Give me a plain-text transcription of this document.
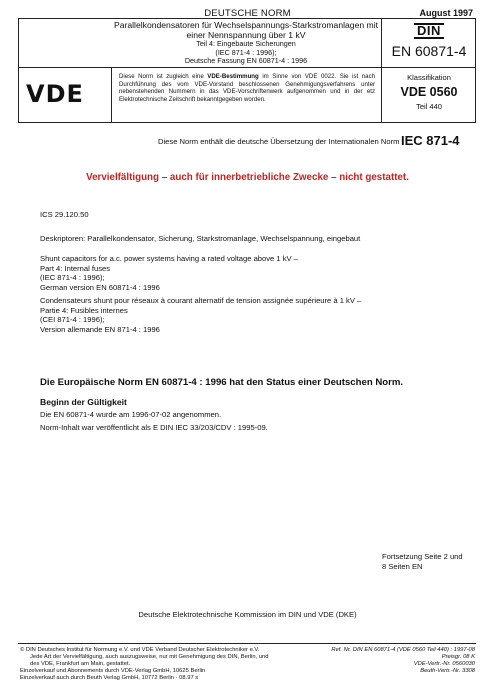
DEUTSCHE NORM	August 1997
Parallelkondensatoren für Wechselspannungs-Starkstromanlagen mit
einer Nennspannung über 1 kV
Teil 4: Eingebaute Sicherungen
(IEC 871-4 : 1996);
Deutsche Fassung EN 60871-4 : 1996
DIN
EN 60871-4
VDE
Diese Norm ist zugleich eine VDE-Bestimmung im Sinne von VDE 0022. Sie ist nach Durchführung des vom VDE-Vorstand beschlossenen Genehmigungsverfahrens unter nebenstehenden Nummern in das VDE-Vorschriftenwerk aufgenommen und in der etz Elektrotechnische Zeitschrift bekanntgegeben worden.
Klassifikation
VDE 0560
Teil 440
Diese Norm enthält die deutsche Übersetzung der Internationalen Norm IEC 871-4
Vervielfältigung – auch für innerbetriebliche Zwecke – nicht gestattet.
ICS 29.120.50
Deskriptoren: Parallelkondensator, Sicherung, Starkstromanlage, Wechselspannung, eingebaut
Shunt capacitors for a.c. power systems having a rated voltage above 1 kV –
Part 4: Internal fuses
(IEC 871-4 : 1996);
German version EN 60871-4 : 1996
Condensateurs shunt pour réseaux à courant alternatif de tension assignée supérieure à 1 kV –
Partie 4: Fusibles internes
(CEI 871-4 : 1996);
Version allemande EN 871-4 : 1996
Die Europäische Norm EN 60871-4 : 1996 hat den Status einer Deutschen Norm.
Beginn der Gültigkeit
Die EN 60871-4 wurde am 1996-07-02 angenommen.
Norm-Inhalt war veröffentlicht als E DIN IEC 33/203/CDV : 1995-09.
Fortsetzung Seite 2 und
8 Seiten EN
Deutsche Elektrotechnische Kommission im DIN und VDE (DKE)
© DIN Deutsches Institut für Normung e.V. und VDE Verband Deutscher Elektrotechniker e.V.
Jede Art der Vervielfältigung, auch auszugsweise, nur mit Genehmigung des DIN, Berlin, und
des VDE, Frankfurt am Main, gestattet.
Einzelverkauf und Abonnements durch VDE-Verlag GmbH, 10625 Berlin
Einzelverkauf auch durch Beuth Verlag GmbH, 10772 Berlin · 08.97 s
Ref. Nr. DIN EN 60871-4 (VDE 0560 Teil 440) : 1997-08
Preisgr. 08 K
VDE-Vertr.-Nr. 0560030
Beuth-Vertr.-Nr. 3308
